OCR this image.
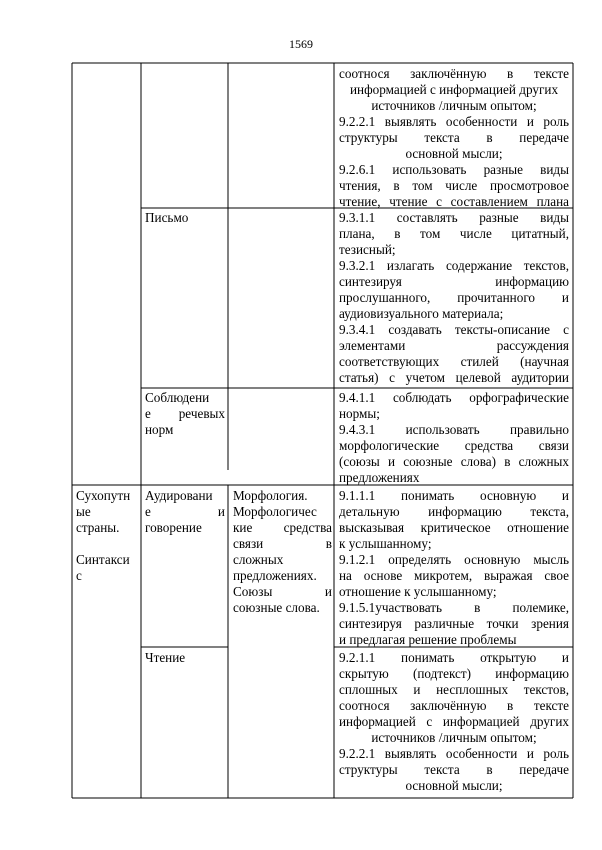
1569
соотнося заключённую в тексте
информацией с информацией других
источников /личным опытом;
9.2.2.1 выявлять особенности и роль
структуры текста в передаче
основной мысли;
9.2.6.1 использовать разные виды
чтения, в том числе просмотровое
чтение, чтение с составлением плана
Письмо	9.3.1.1 составлять разные виды
плана, в том числе цитатный,
тезисный;
9.3.2.1 излагать содержание текстов,
синтезируя информацию
прослушанного, прочитанного и
аудиовизуального материала;
9.3.4.1 создавать тексты-описание с
элементами рассуждения
соответствующих стилей (научная
статья) с учетом целевой аудитории
Соблюдени
е речевых
норм
9.4.1.1 соблюдать орфографические
нормы;
9.4.3.1 использовать правильно
морфологические средства связи
(союзы и союзные слова) в сложных
предложениях
Сухопутн
ые
страны.
Синтакси
с
Аудировани
е и
говорение
Морфология.
Морфологичес
кие средства
связи в
сложных
предложениях.
Союзы и
союзные слова.
9.1.1.1 понимать основную и
детальную информацию текста,
высказывая критическое отношение
к услышанному;
9.1.2.1 определять основную мысль
на основе микротем, выражая свое
отношение к услышанному;
9.1.5.1участвовать в полемике,
синтезируя различные точки зрения
и предлагая решение проблемы
Чтение	9.2.1.1 понимать открытую и
скрытую (подтекст) информацию
сплошных и несплошных текстов,
соотнося заключённую в тексте
информацией с информацией других
источников /личным опытом;
9.2.2.1 выявлять особенности и роль
структуры текста в передаче
основной мысли;
